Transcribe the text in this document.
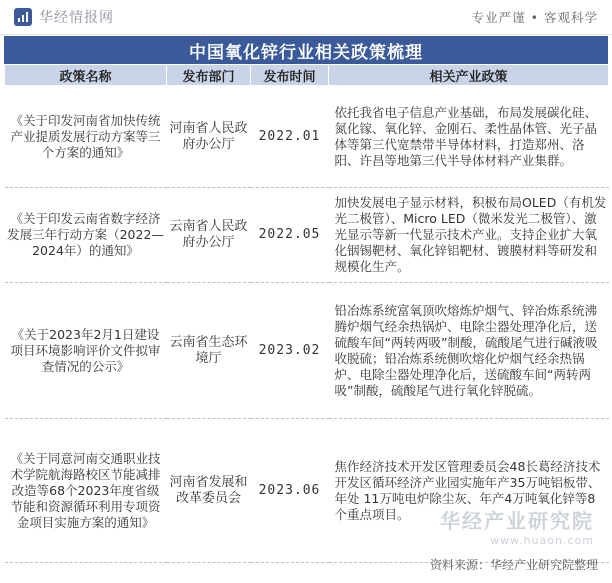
华经情报网	专业严谨 • 客观科学
中国氧化锌行业相关政策梳理
政策名称	发布部门	发布时间	相关产业政策
《关于印发河南省加快传统产业提质发展行动方案等三个方案的通知》	河南省人民政府办公厅	2022.01	依托我省电子信息产业基础，布局发展碳化硅、氮化镓、氧化锌、金刚石、柔性晶体管、光子晶体等第三代宽禁带半导体材料，打造郑州、洛阳、许昌等地第三代半导体材料产业集群。
《关于印发云南省数字经济发展三年行动方案（2022—2024年）的通知》	云南省人民政府办公厅	2022.05	加快发展电子显示材料，积极布局OLED（有机发光二极管）、Micro LED（微米发光二极管）、激光显示等新一代显示技术产业。支持企业扩大氧化铟锡靶材、氧化锌铝靶材、镀膜材料等研发和规模化生产。
《关于2023年2月1日建设项目环境影响评价文件拟审查情况的公示》	云南省生态环境厅	2023.02	铅冶炼系统富氧顶吹熔炼炉烟气、锌冶炼系统沸腾炉烟气经余热锅炉、电除尘器处理净化后，送硫酸车间“两转两吸”制酸，硫酸尾气进行碱液吸收脱硫；铅冶炼系统侧吹熔化炉烟气经余热锅炉、电除尘器处理净化后，送硫酸车间“两转两吸”制酸，硫酸尾气进行氧化锌脱硫。
《关于同意河南交通职业技术学院航海路校区节能减排改造等68个2023年度省级节能和资源循环利用专项资金项目实施方案的通知》	河南省发展和改革委员会	2023.06	焦作经济技术开发区管理委员会48长葛经济技术开发区循环经济产业园实施年产35万吨铝板带、年处 11万吨电炉除尘灰、年产4万吨氧化锌等8个重点项目。 华经产业研究院
www.huaon.com
资料来源：华经产业研究院整理
